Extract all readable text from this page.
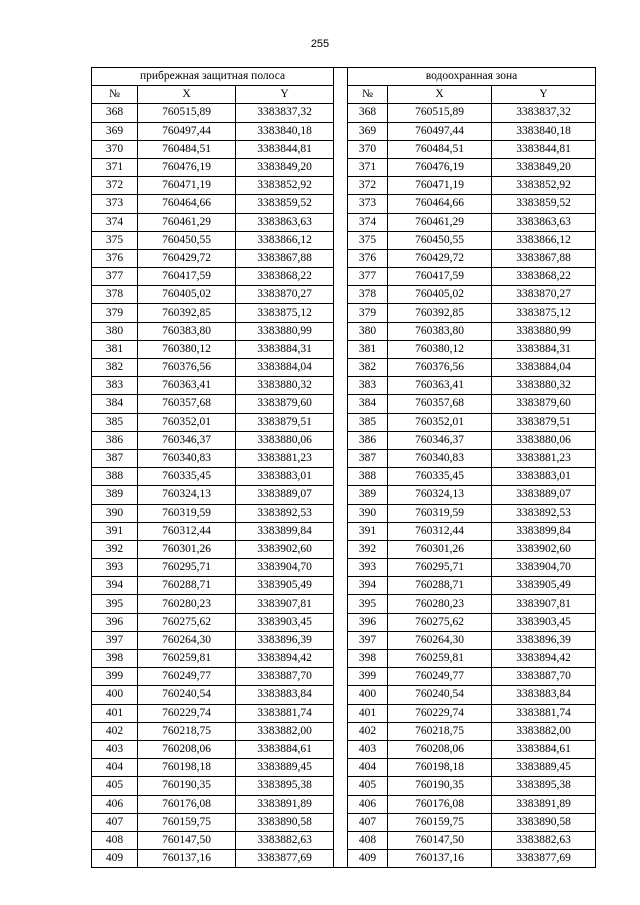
255
прибрежная защитная полоса				водоохранная зона		
№	X	Y		№	X	Y
368	760515,89	3383837,32		368	760515,89	3383837,32
369	760497,44	3383840,18		369	760497,44	3383840,18
370	760484,51	3383844,81		370	760484,51	3383844,81
371	760476,19	3383849,20		371	760476,19	3383849,20
372	760471,19	3383852,92		372	760471,19	3383852,92
373	760464,66	3383859,52		373	760464,66	3383859,52
374	760461,29	3383863,63		374	760461,29	3383863,63
375	760450,55	3383866,12		375	760450,55	3383866,12
376	760429,72	3383867,88		376	760429,72	3383867,88
377	760417,59	3383868,22		377	760417,59	3383868,22
378	760405,02	3383870,27		378	760405,02	3383870,27
379	760392,85	3383875,12		379	760392,85	3383875,12
380	760383,80	3383880,99		380	760383,80	3383880,99
381	760380,12	3383884,31		381	760380,12	3383884,31
382	760376,56	3383884,04		382	760376,56	3383884,04
383	760363,41	3383880,32		383	760363,41	3383880,32
384	760357,68	3383879,60		384	760357,68	3383879,60
385	760352,01	3383879,51		385	760352,01	3383879,51
386	760346,37	3383880,06		386	760346,37	3383880,06
387	760340,83	3383881,23		387	760340,83	3383881,23
388	760335,45	3383883,01		388	760335,45	3383883,01
389	760324,13	3383889,07		389	760324,13	3383889,07
390	760319,59	3383892,53		390	760319,59	3383892,53
391	760312,44	3383899,84		391	760312,44	3383899,84
392	760301,26	3383902,60		392	760301,26	3383902,60
393	760295,71	3383904,70		393	760295,71	3383904,70
394	760288,71	3383905,49		394	760288,71	3383905,49
395	760280,23	3383907,81		395	760280,23	3383907,81
396	760275,62	3383903,45		396	760275,62	3383903,45
397	760264,30	3383896,39		397	760264,30	3383896,39
398	760259,81	3383894,42		398	760259,81	3383894,42
399	760249,77	3383887,70		399	760249,77	3383887,70
400	760240,54	3383883,84		400	760240,54	3383883,84
401	760229,74	3383881,74		401	760229,74	3383881,74
402	760218,75	3383882,00		402	760218,75	3383882,00
403	760208,06	3383884,61		403	760208,06	3383884,61
404	760198,18	3383889,45		404	760198,18	3383889,45
405	760190,35	3383895,38		405	760190,35	3383895,38
406	760176,08	3383891,89		406	760176,08	3383891,89
407	760159,75	3383890,58		407	760159,75	3383890,58
408	760147,50	3383882,63		408	760147,50	3383882,63
409	760137,16	3383877,69		409	760137,16	3383877,69
